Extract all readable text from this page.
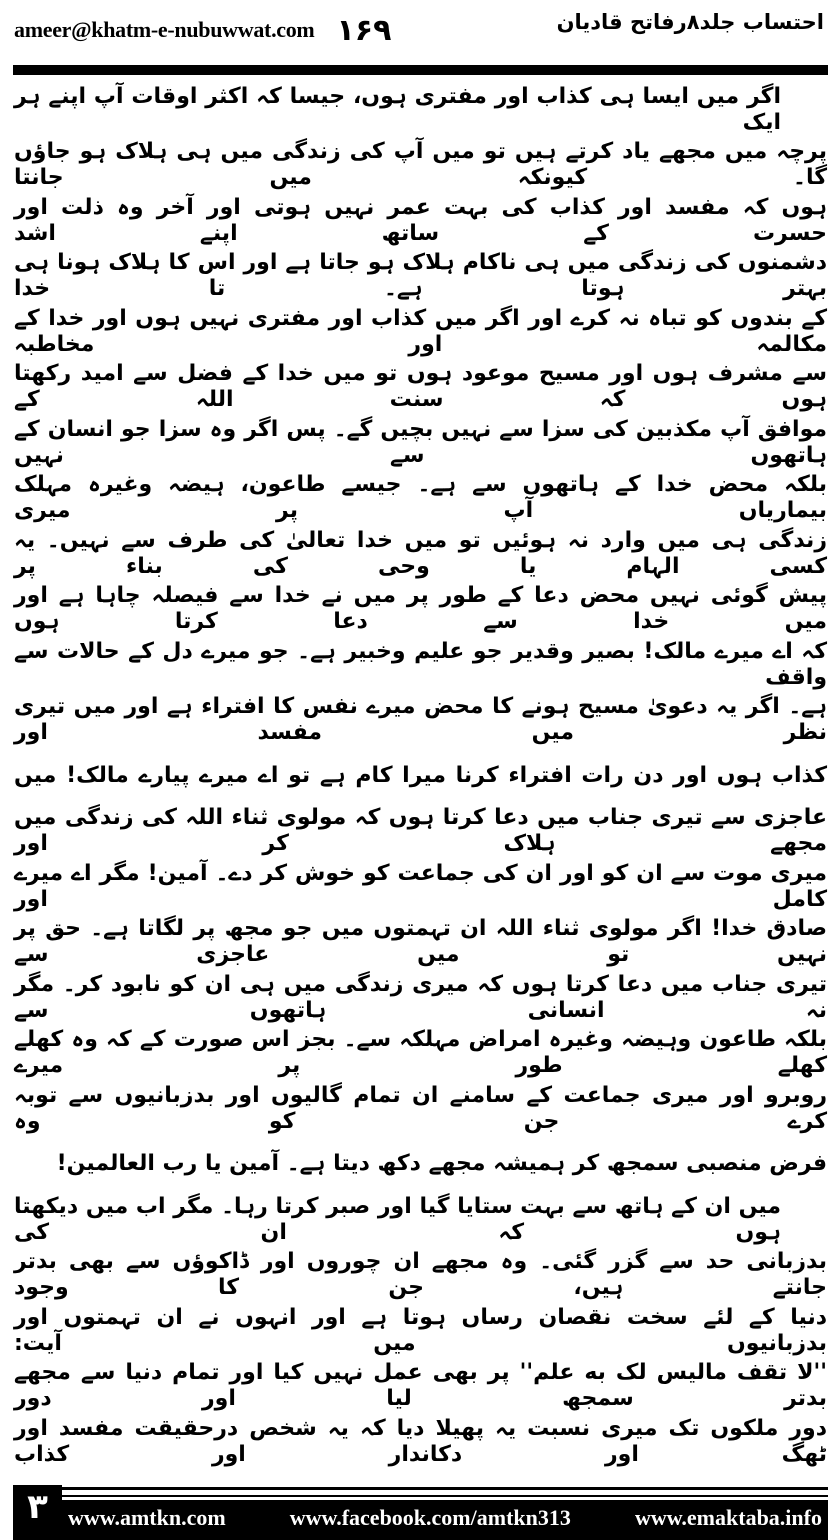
ameer@khatm-e-nubuwwat.com ۱۶۹	احتساب جلد۸رفاتح قادیان
اگر میں ایسا ہی کذاب اور مفتری ہوں، جیسا کہ اکثر اوقات آپ اپنے ہر ایک
پرچہ میں مجھے یاد کرتے ہیں تو میں آپ کی زندگی میں ہی ہلاک ہو جاؤں گا۔ کیونکہ میں جانتا
ہوں کہ مفسد اور کذاب کی بہت عمر نہیں ہوتی اور آخر وہ ذلت اور حسرت کے ساتھ اپنے اشد
دشمنوں کی زندگی میں ہی ناکام ہلاک ہو جاتا ہے اور اس کا ہلاک ہونا ہی بہتر ہوتا ہے۔ تا خدا
کے بندوں کو تباہ نہ کرے اور اگر میں کذاب اور مفتری نہیں ہوں اور خدا کے مکالمہ اور مخاطبہ
سے مشرف ہوں اور مسیح موعود ہوں تو میں خدا کے فضل سے امید رکھتا ہوں کہ سنت اللہ کے
موافق آپ مکذبین کی سزا سے نہیں بچیں گے۔ پس اگر وہ سزا جو انسان کے ہاتھوں سے نہیں
بلکہ محض خدا کے ہاتھوں سے ہے۔ جیسے طاعون، ہیضہ وغیرہ مہلک بیماریاں آپ پر میری
زندگی ہی میں وارد نہ ہوئیں تو میں خدا تعالیٰ کی طرف سے نہیں۔ یہ کسی الہام یا وحی کی بناء پر
پیش گوئی نہیں محض دعا کے طور پر میں نے خدا سے فیصلہ چاہا ہے اور میں خدا سے دعا کرتا ہوں
کہ اے میرے مالک! بصیر وقدیر جو علیم وخبیر ہے۔ جو میرے دل کے حالات سے واقف
ہے۔ اگر یہ دعویٰ مسیح ہونے کا محض میرے نفس کا افتراء ہے اور میں تیری نظر میں مفسد اور
کذاب ہوں اور دن رات افتراء کرنا میرا کام ہے تو اے میرے پیارے مالک! میں
عاجزی سے تیری جناب میں دعا کرتا ہوں کہ مولوی ثناء اللہ کی زندگی میں مجھے ہلاک کر اور
میری موت سے ان کو اور ان کی جماعت کو خوش کر دے۔ آمین! مگر اے میرے کامل اور
صادق خدا! اگر مولوی ثناء اللہ ان تہمتوں میں جو مجھ پر لگاتا ہے۔ حق پر نہیں تو میں عاجزی سے
تیری جناب میں دعا کرتا ہوں کہ میری زندگی میں ہی ان کو نابود کر۔ مگر نہ انسانی ہاتھوں سے
بلکہ طاعون وہیضہ وغیرہ امراض مہلکہ سے۔ بجز اس صورت کے کہ وہ کھلے کھلے طور پر میرے
روبرو اور میری جماعت کے سامنے ان تمام گالیوں اور بدزبانیوں سے توبہ کرے جن کو وہ
فرض منصبی سمجھ کر ہمیشہ مجھے دکھ دیتا ہے۔ آمین یا رب العالمین!
میں ان کے ہاتھ سے بہت ستایا گیا اور صبر کرتا رہا۔ مگر اب میں دیکھتا ہوں کہ ان کی
بدزبانی حد سے گزر گئی۔ وہ مجھے ان چوروں اور ڈاکوؤں سے بھی بدتر جانتے ہیں، جن کا وجود
دنیا کے لئے سخت نقصان رساں ہوتا ہے اور انہوں نے ان تہمتوں اور بدزبانیوں میں آیت:
''لا تقف مالیس لک به علم'' پر بھی عمل نہیں کیا اور تمام دنیا سے مجھے بدتر سمجھ لیا اور دور
دور ملکوں تک میری نسبت یہ پھیلا دیا کہ یہ شخص درحقیقت مفسد اور ٹھگ اور دکاندار اور کذاب
۳ www.amtkn.com	www.facebook.com/amtkn313	www.emaktaba.info
